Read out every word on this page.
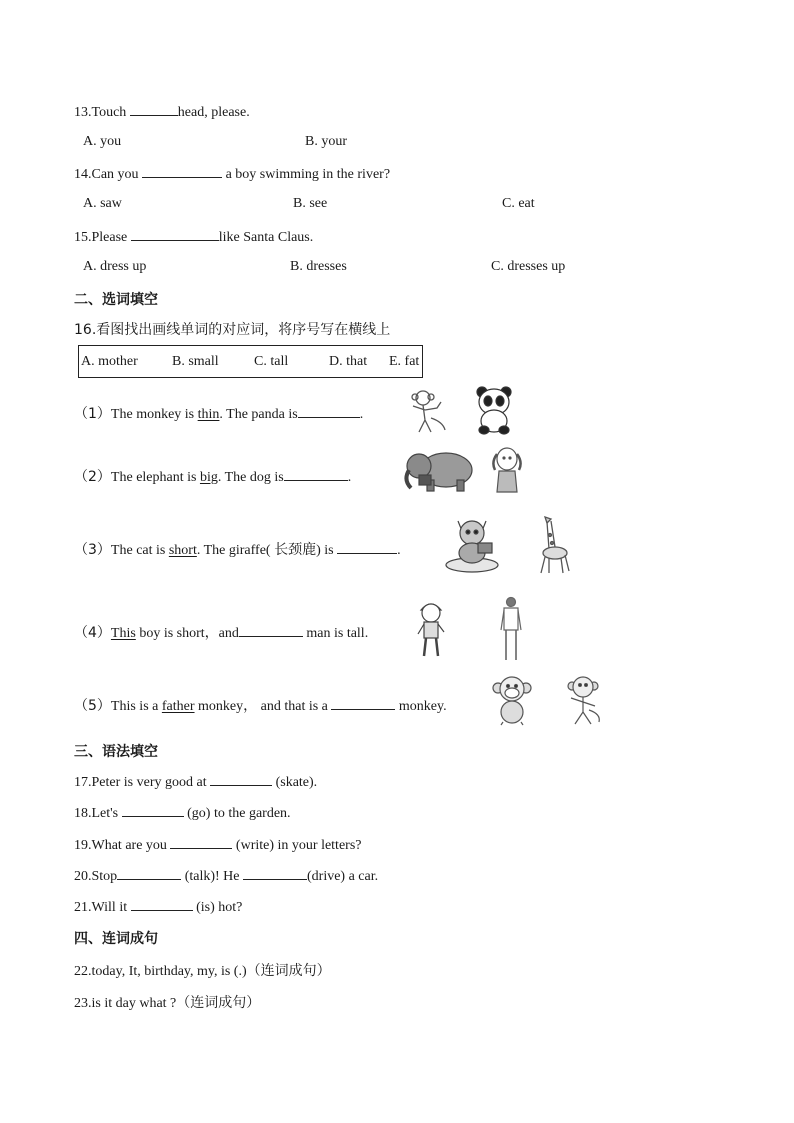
13.Touch	head, please.
A. you	B. your
14.Can you	a boy swimming in the river?
A. saw	B. see	C. eat
15.Please	like Santa Claus.
A. dress up	B. dresses	C. dresses up
二、选词填空
16.看图找出画线单词的对应词，将序号写在横线上
A. mother B. small	C. tall	D. that E. fat
（1）The monkey is thin. The panda is	.
（2）The elephant is big. The dog is	.
（3）The cat is short. The giraffe( 长颈鹿) is	.
（4）This boy is short，and	man is tall.
（5）This is a father monkey， and that is a	monkey.
三、语法填空
17.Peter is very good at	(skate).
18.Let's	(go) to the garden.
19.What are you	(write) in your letters?
20.Stop	(talk)! He	(drive) a car.
21.Will it	(is) hot?
四、连词成句
22.today, It, birthday, my, is (.)（连词成句）
23.is it day what ?（连词成句）
